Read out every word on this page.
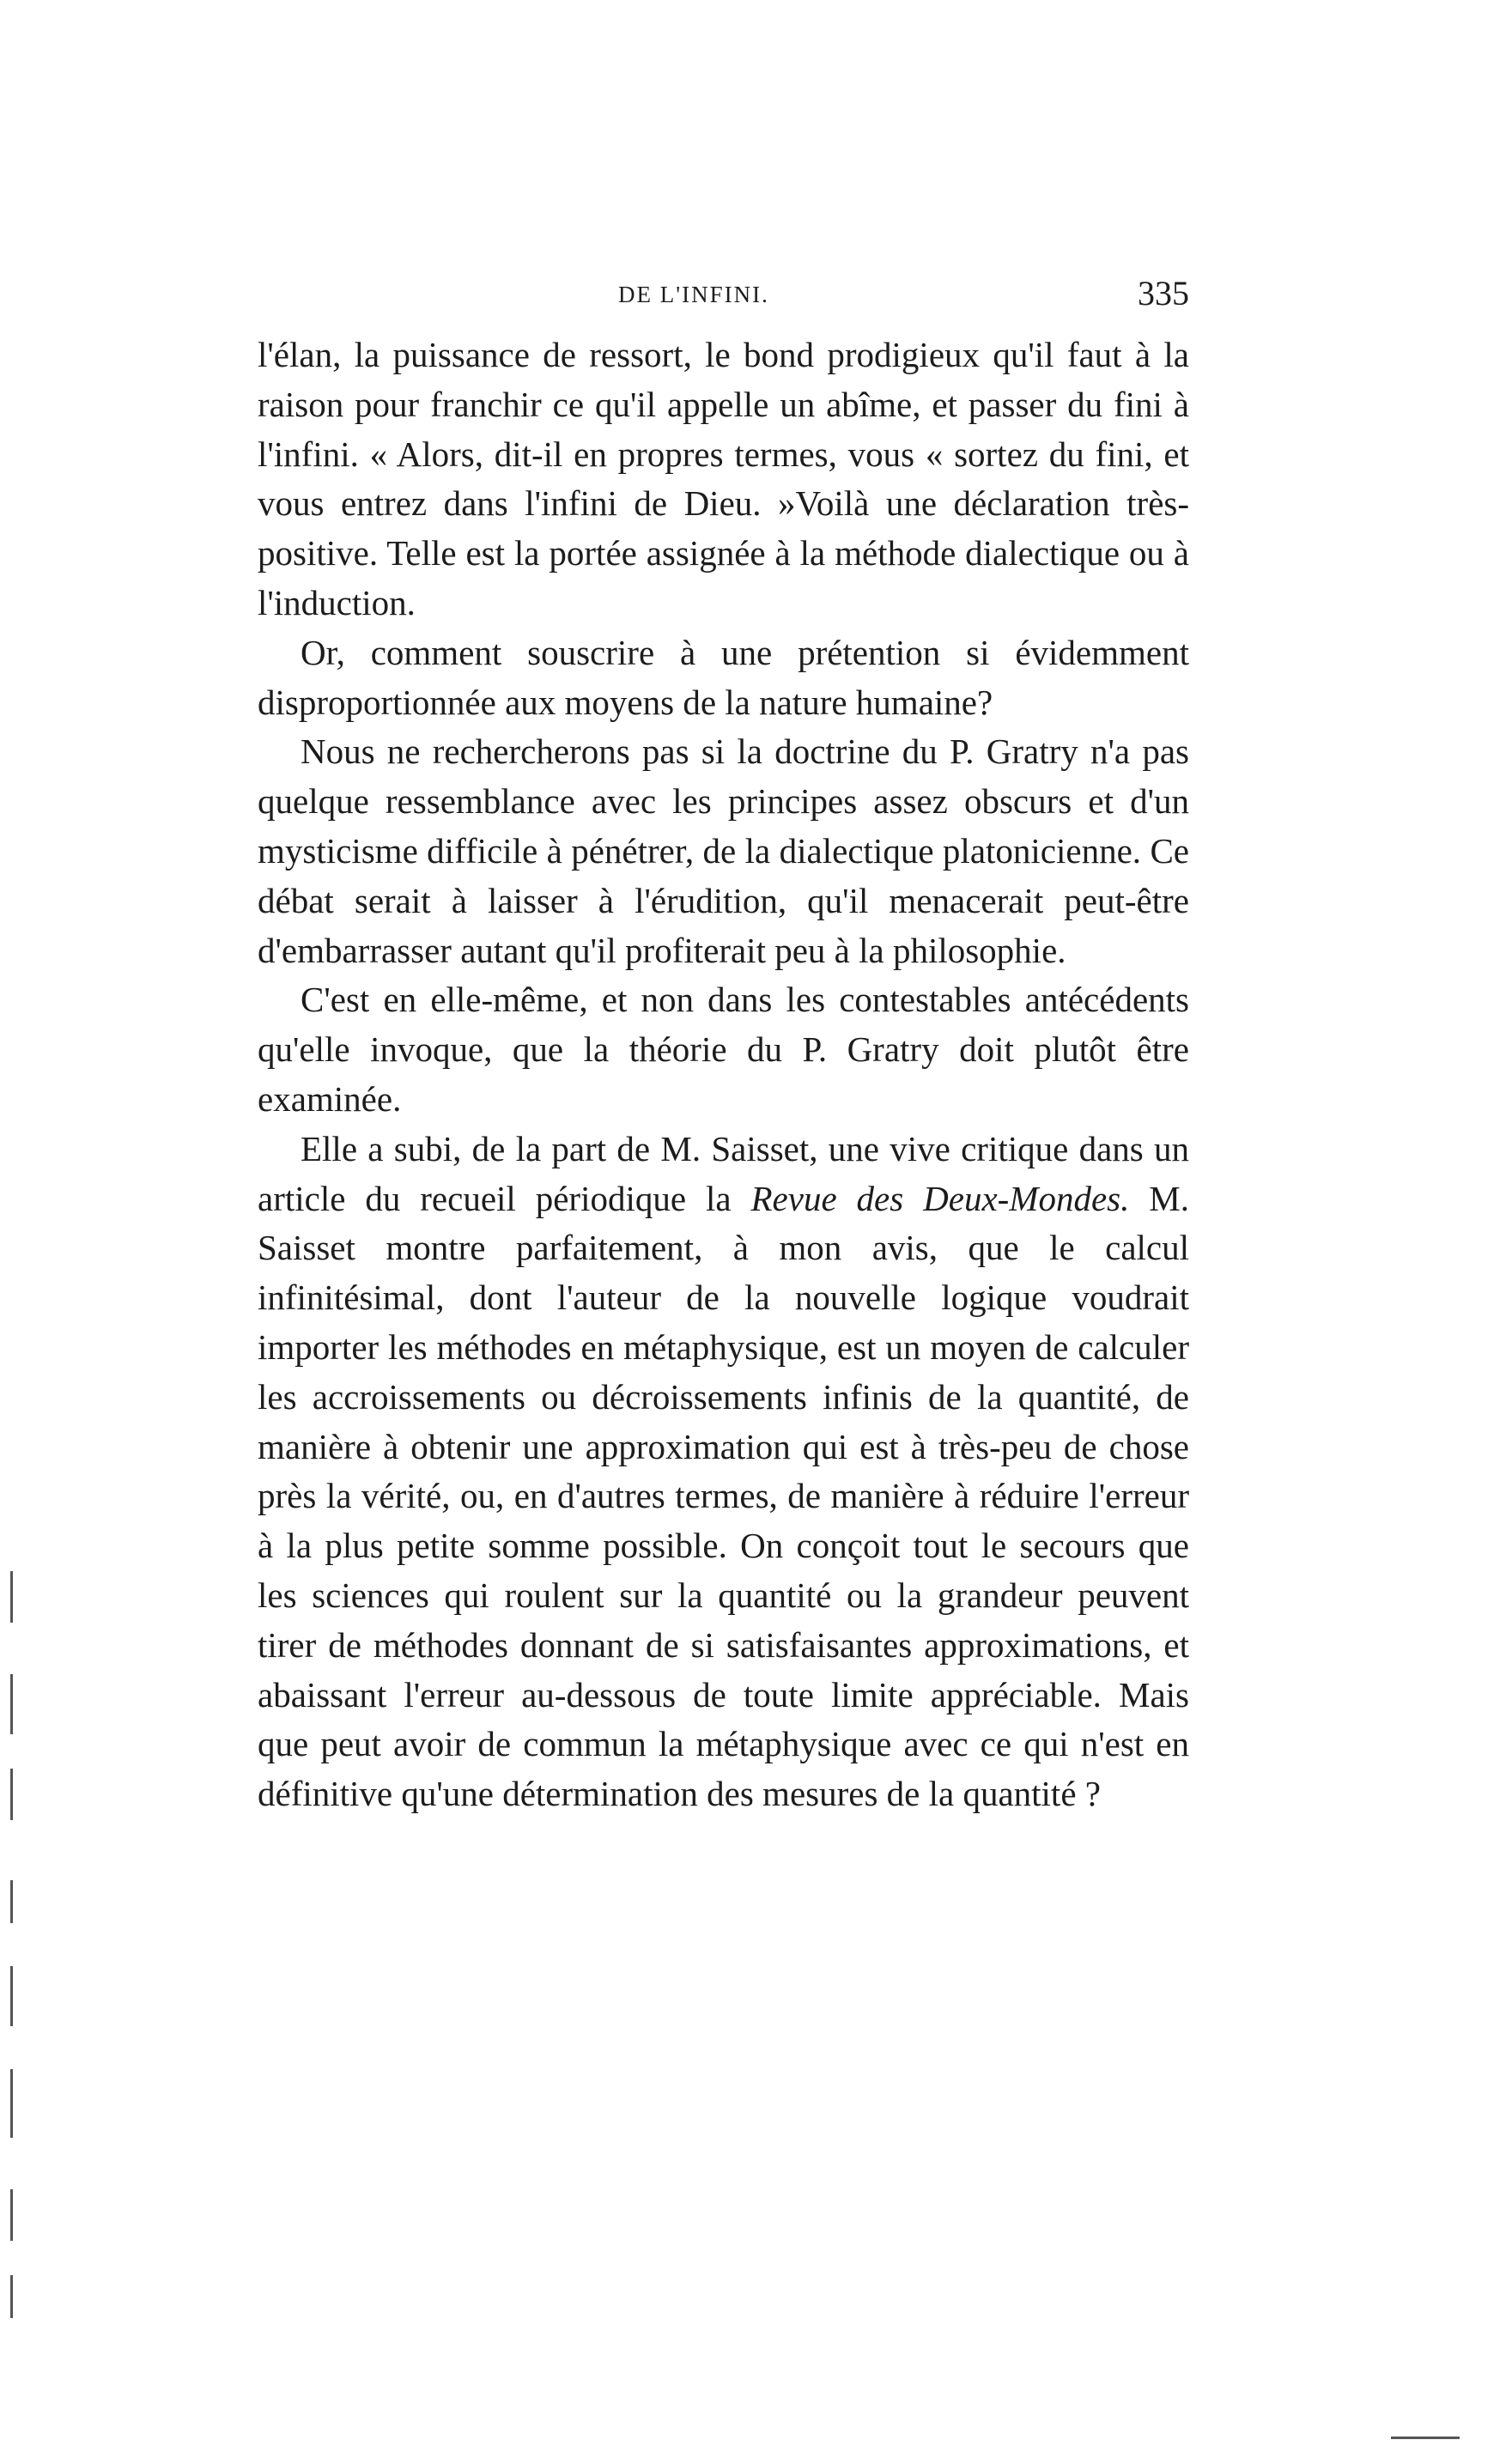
DE L'INFINI.	335

l'élan, la puissance de ressort, le bond prodigieux qu'il faut à la raison pour franchir ce qu'il appelle un abîme, et passer du fini à l'infini. « Alors, dit-il en propres termes, vous « sortez du fini, et vous entrez dans l'infini de Dieu. »Voilà une déclaration très-positive. Telle est la portée assignée à la méthode dialectique ou à l'induction.

Or, comment souscrire à une prétention si évidemment disproportionnée aux moyens de la nature humaine?

Nous ne rechercherons pas si la doctrine du P. Gratry n'a pas quelque ressemblance avec les principes assez obscurs et d'un mysticisme difficile à pénétrer, de la dialectique platonicienne. Ce débat serait à laisser à l'érudition, qu'il menacerait peut-être d'embarrasser autant qu'il profiterait peu à la philosophie.

C'est en elle-même, et non dans les contestables antécédents qu'elle invoque, que la théorie du P. Gratry doit plutôt être examinée.

Elle a subi, de la part de M. Saisset, une vive critique dans un article du recueil périodique la Revue des Deux-Mondes. M. Saisset montre parfaitement, à mon avis, que le calcul infinitésimal, dont l'auteur de la nouvelle logique voudrait importer les méthodes en métaphysique, est un moyen de calculer les accroissements ou décroissements infinis de la quantité, de manière à obtenir une approximation qui est à très-peu de chose près la vérité, ou, en d'autres termes, de manière à réduire l'erreur à la plus petite somme possible. On conçoit tout le secours que les sciences qui roulent sur la quantité ou la grandeur peuvent tirer de méthodes donnant de si satisfaisantes approximations, et abaissant l'erreur au-dessous de toute limite appréciable. Mais que peut avoir de commun la métaphysique avec ce qui n'est en définitive qu'une détermination des mesures de la quantité ?
